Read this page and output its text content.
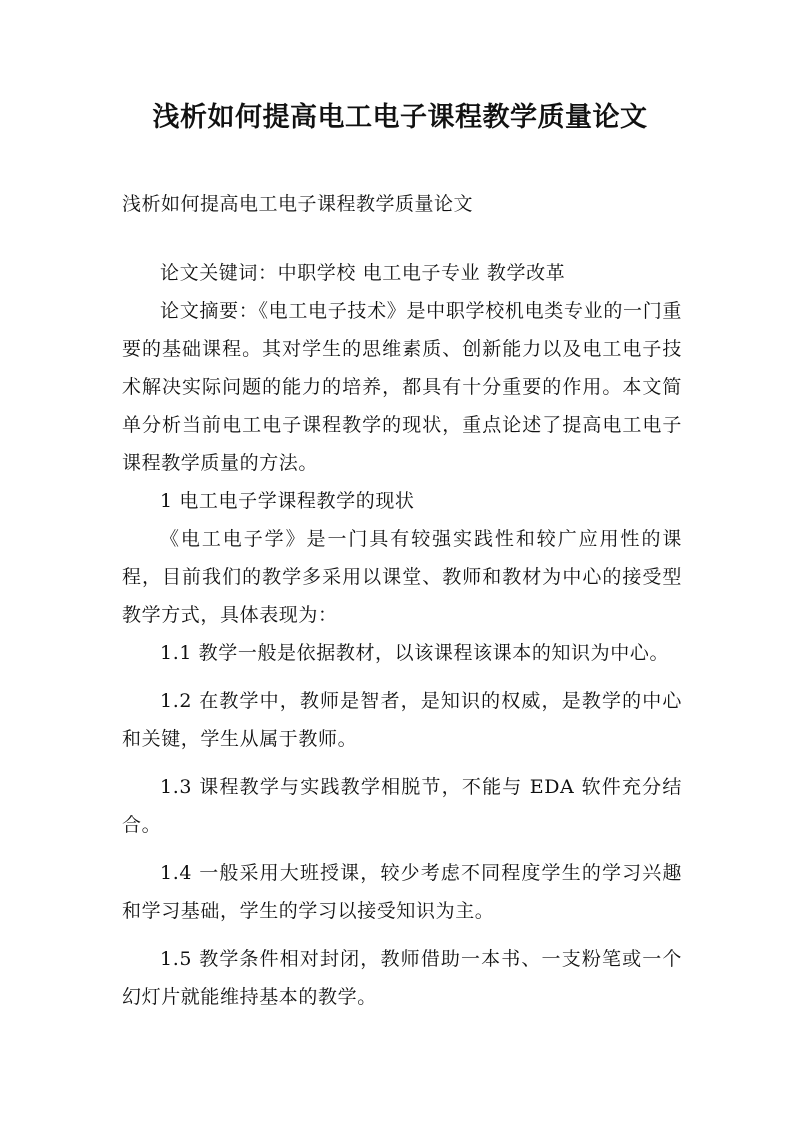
浅析如何提高电工电子课程教学质量论文

浅析如何提高电工电子课程教学质量论文

论文关键词：中职学校 电工电子专业 教学改革

论文摘要：《电工电子技术》是中职学校机电类专业的一门重要的基础课程。其对学生的思维素质、创新能力以及电工电子技术解决实际问题的能力的培养，都具有十分重要的作用。本文简单分析当前电工电子课程教学的现状，重点论述了提高电工电子课程教学质量的方法。

1 电工电子学课程教学的现状

《电工电子学》是一门具有较强实践性和较广应用性的课程，目前我们的教学多采用以课堂、教师和教材为中心的接受型教学方式，具体表现为：

1.1 教学一般是依据教材，以该课程该课本的知识为中心。

1.2 在教学中，教师是智者，是知识的权威，是教学的中心和关键，学生从属于教师。

1.3 课程教学与实践教学相脱节，不能与 EDA 软件充分结合。

1.4 一般采用大班授课，较少考虑不同程度学生的学习兴趣和学习基础，学生的学习以接受知识为主。

1.5 教学条件相对封闭，教师借助一本书、一支粉笔或一个幻灯片就能维持基本的教学。
